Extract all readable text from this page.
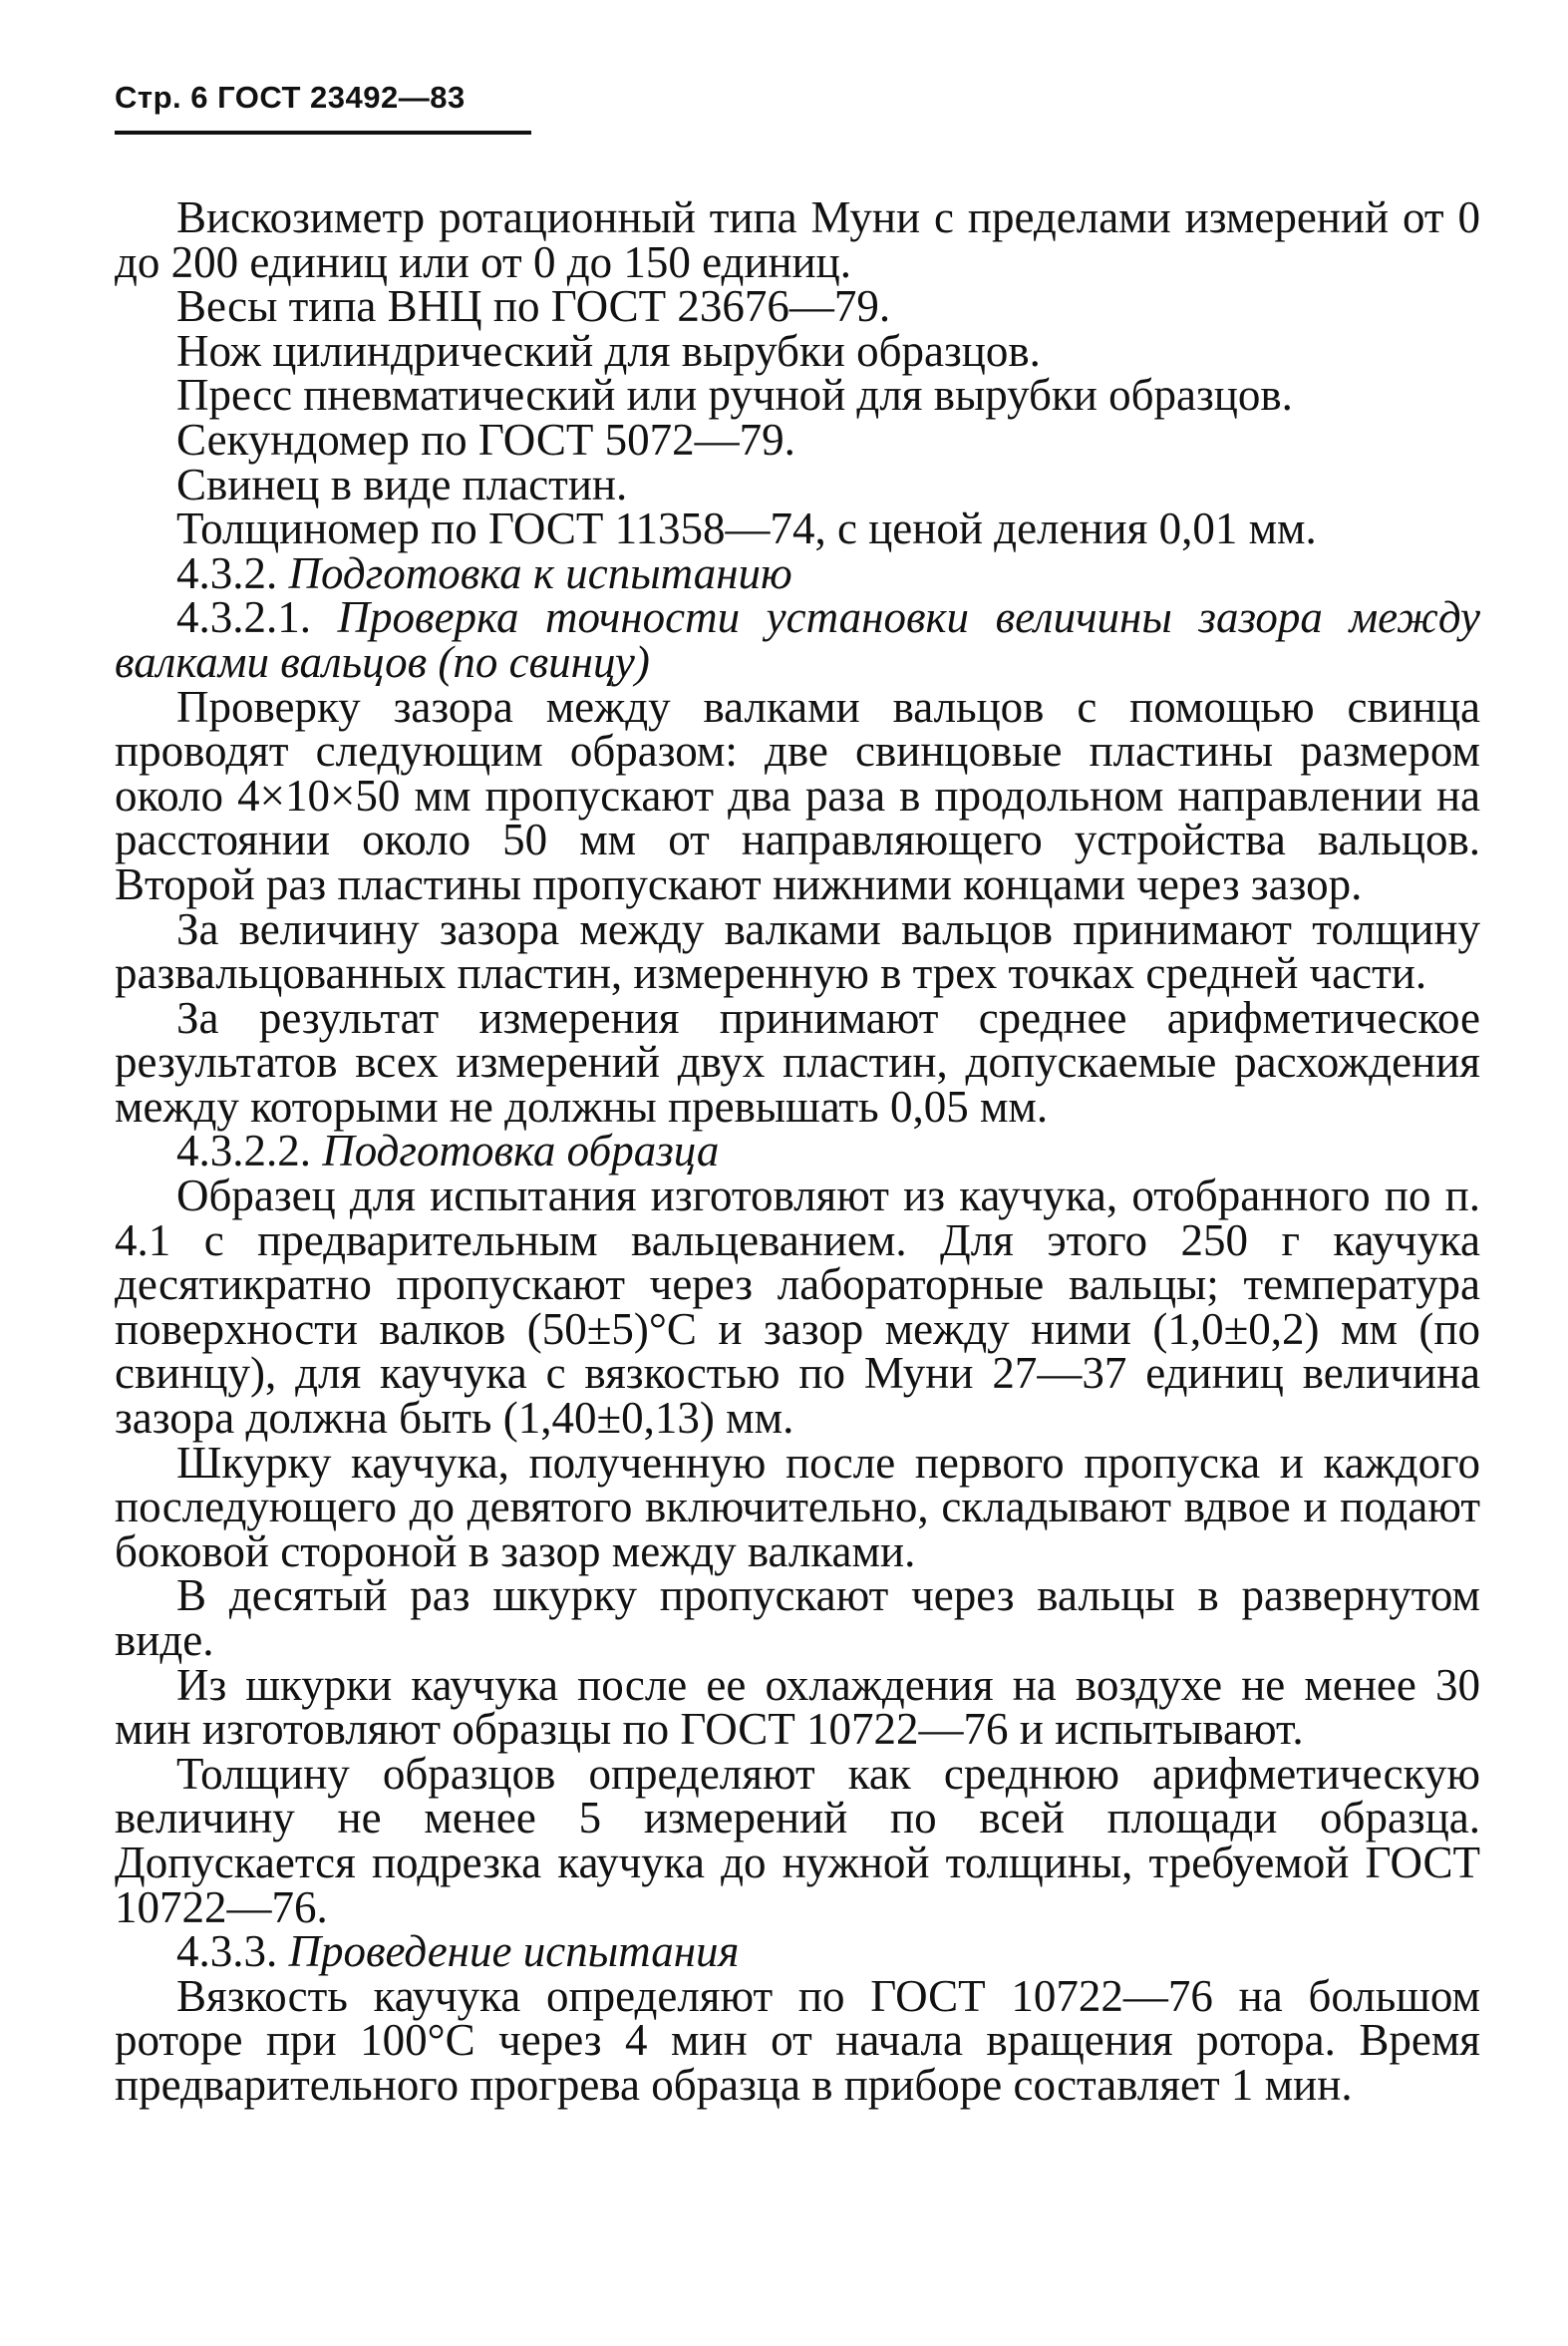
Стр. 6 ГОСТ 23492—83

Вискозиметр ротационный типа Муни с пределами измерений от 0 до 200 единиц или от 0 до 150 единиц.

Весы типа ВНЦ по ГОСТ 23676—79.

Нож цилиндрический для вырубки образцов.

Пресс пневматический или ручной для вырубки образцов.

Секундомер по ГОСТ 5072—79.

Свинец в виде пластин.

Толщиномер по ГОСТ 11358—74, с ценой деления 0,01 мм.

4.3.2. Подготовка к испытанию

4.3.2.1. Проверка точности установки величины зазора между валками вальцов (по свинцу)

Проверку зазора между валками вальцов с помощью свинца проводят следующим образом: две свинцовые пластины размером около 4×10×50 мм пропускают два раза в продольном направлении на расстоянии около 50 мм от направляющего устройства вальцов. Второй раз пластины пропускают нижними концами через зазор.

За величину зазора между валками вальцов принимают толщину развальцованных пластин, измеренную в трех точках средней части.

За результат измерения принимают среднее арифметическое результатов всех измерений двух пластин, допускаемые расхождения между которыми не должны превышать 0,05 мм.

4.3.2.2. Подготовка образца

Образец для испытания изготовляют из каучука, отобранного по п. 4.1 с предварительным вальцеванием. Для этого 250 г каучука десятикратно пропускают через лабораторные вальцы; температура поверхности валков (50±5)°С и зазор между ними (1,0±0,2) мм (по свинцу), для каучука с вязкостью по Муни 27—37 единиц величина зазора должна быть (1,40±0,13) мм.

Шкурку каучука, полученную после первого пропуска и каждого последующего до девятого включительно, складывают вдвое и подают боковой стороной в зазор между валками.

В десятый раз шкурку пропускают через вальцы в развернутом виде.

Из шкурки каучука после ее охлаждения на воздухе не менее 30 мин изготовляют образцы по ГОСТ 10722—76 и испытывают.

Толщину образцов определяют как среднюю арифметическую величину не менее 5 измерений по всей площади образца. Допускается подрезка каучука до нужной толщины, требуемой ГОСТ 10722—76.

4.3.3. Проведение испытания

Вязкость каучука определяют по ГОСТ 10722—76 на большом роторе при 100°С через 4 мин от начала вращения ротора. Время предварительного прогрева образца в приборе составляет 1 мин.
